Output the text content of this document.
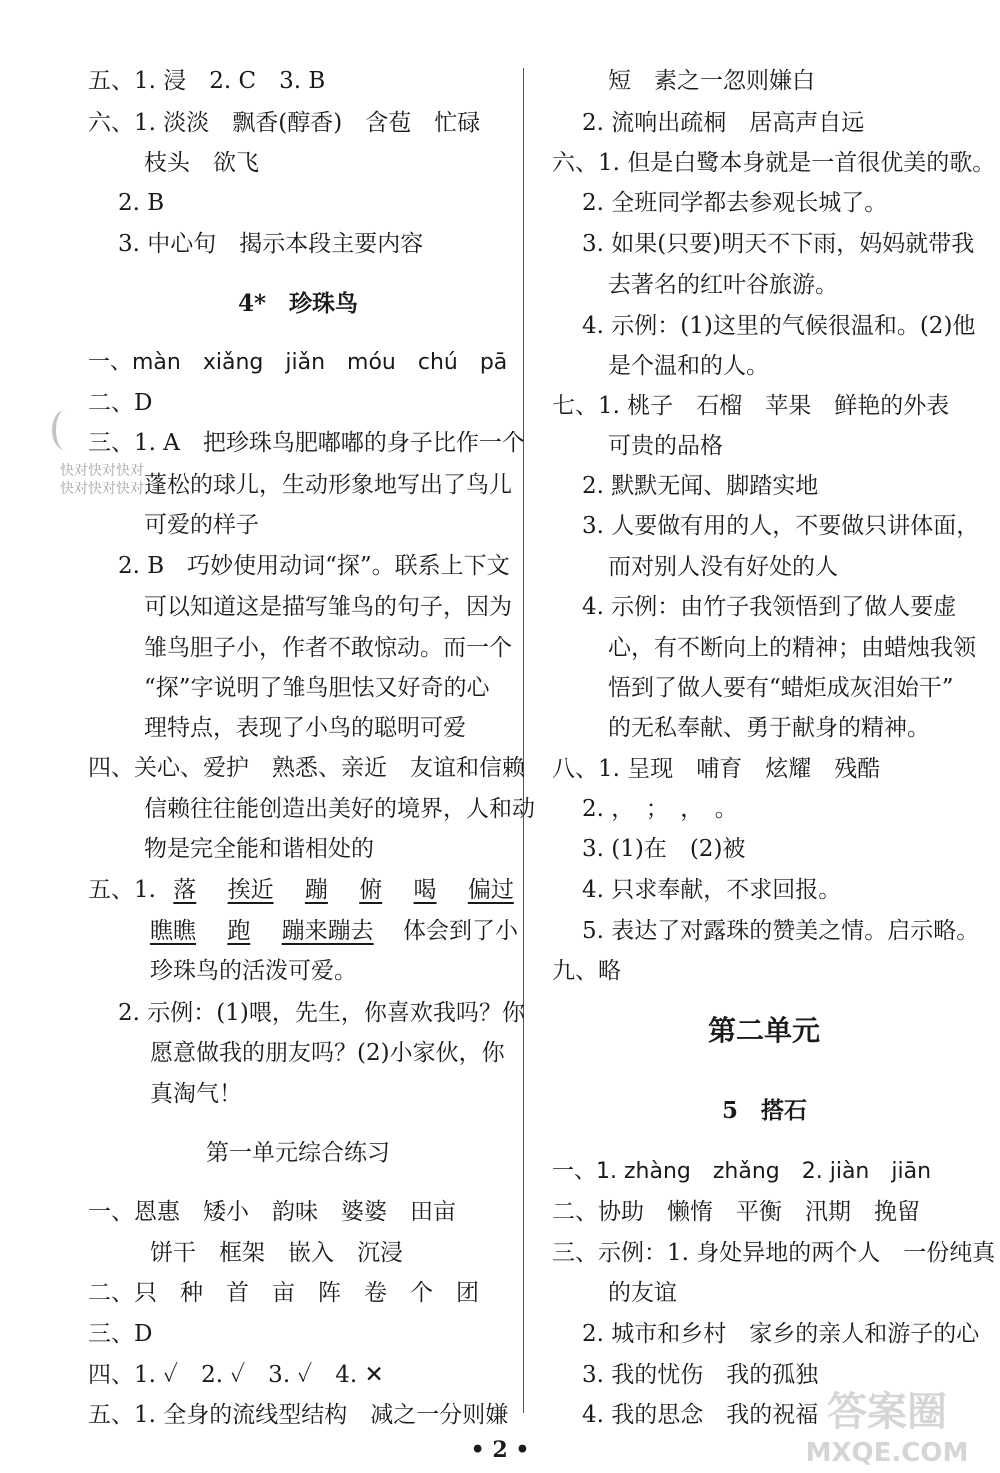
快对快对快对
快对快对快对
五、1. 浸　2. C　3. B
六、1. 淡淡　飘香(醇香)　含苞　忙碌
枝头　欲飞
2. B
3. 中心句　揭示本段主要内容
4*　珍珠鸟
一、màn　xiǎng　jiǎn　móu　chú　pā
二、D
三、1. A　把珍珠鸟肥嘟嘟的身子比作一个
蓬松的球儿，生动形象地写出了鸟儿
可爱的样子
2. B　巧妙使用动词“探”。联系上下文
可以知道这是描写雏鸟的句子，因为
雏鸟胆子小，作者不敢惊动。而一个
“探”字说明了雏鸟胆怯又好奇的心
理特点，表现了小鸟的聪明可爱
四、关心、爱护　熟悉、亲近　友谊和信赖
信赖往往能创造出美好的境界，人和动
物是完全能和谐相处的
五、1. 落 挨近 蹦 俯 喝 偏过
瞧瞧 跑 蹦来蹦去 体会到了小
珍珠鸟的活泼可爱。
2. 示例：(1)喂，先生，你喜欢我吗？你
愿意做我的朋友吗？(2)小家伙，你
真淘气！
第一单元综合练习
一、恩惠　矮小　韵味　婆婆　田亩
饼干　框架　嵌入　沉浸
二、只　种　首　亩　阵　卷　个　团
三、D
四、1. ✓　2. ✓　3. ✓　4. ✕
五、1. 全身的流线型结构　减之一分则嫌
短　素之一忽则嫌白
2. 流响出疏桐　居高声自远
六、1. 但是白鹭本身就是一首很优美的歌。
2. 全班同学都去参观长城了。
3. 如果(只要)明天不下雨，妈妈就带我
去著名的红叶谷旅游。
4. 示例：(1)这里的气候很温和。(2)他
是个温和的人。
七、1. 桃子　石榴　苹果　鲜艳的外表
可贵的品格
2. 默默无闻、脚踏实地
3. 人要做有用的人，不要做只讲体面，
而对别人没有好处的人
4. 示例：由竹子我领悟到了做人要虚
心，有不断向上的精神；由蜡烛我领
悟到了做人要有“蜡炬成灰泪始干”
的无私奉献、勇于献身的精神。
八、1. 呈现　哺育　炫耀　残酷
2. ，　；　，　。
3. (1)在　(2)被
4. 只求奉献，不求回报。
5. 表达了对露珠的赞美之情。启示略。
九、略
第二单元
5　搭石
一、1. zhàng　zhǎng　2. jiàn　jiān
二、协助　懒惰　平衡　汛期　挽留
三、示例：1. 身处异地的两个人　一份纯真
的友谊
2. 城市和乡村　家乡的亲人和游子的心
3. 我的忧伤　我的孤独
4. 我的思念　我的祝福
• 2 •
答案圈
MXQE.COM
